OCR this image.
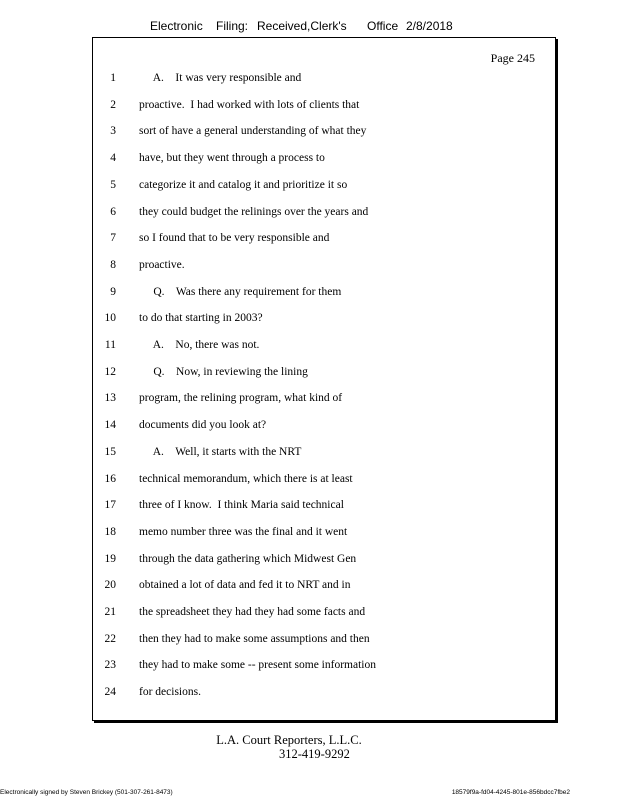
Electronic Filing: Received,Clerk's Office 2/8/2018
Page 245
1 A.    It was very responsible and
2 proactive.  I had worked with lots of clients that
3 sort of have a general understanding of what they
4 have, but they went through a process to
5 categorize it and catalog it and prioritize it so
6 they could budget the relinings over the years and
7 so I found that to be very responsible and
8 proactive.
9 Q.    Was there any requirement for them
10 to do that starting in 2003?
11 A.    No, there was not.
12 Q.    Now, in reviewing the lining
13 program, the relining program, what kind of
14 documents did you look at?
15 A.    Well, it starts with the NRT
16 technical memorandum, which there is at least
17 three of I know.  I think Maria said technical
18 memo number three was the final and it went
19 through the data gathering which Midwest Gen
20 obtained a lot of data and fed it to NRT and in
21 the spreadsheet they had they had some facts and
22 then they had to make some assumptions and then
23 they had to make some -- present some information
24 for decisions.
L.A. Court Reporters, L.L.C.
312-419-9292
Electronically signed by Steven Brickey (501-307-261-8473)	18579f9a-fd04-4245-801e-856bdcc7fbe2
